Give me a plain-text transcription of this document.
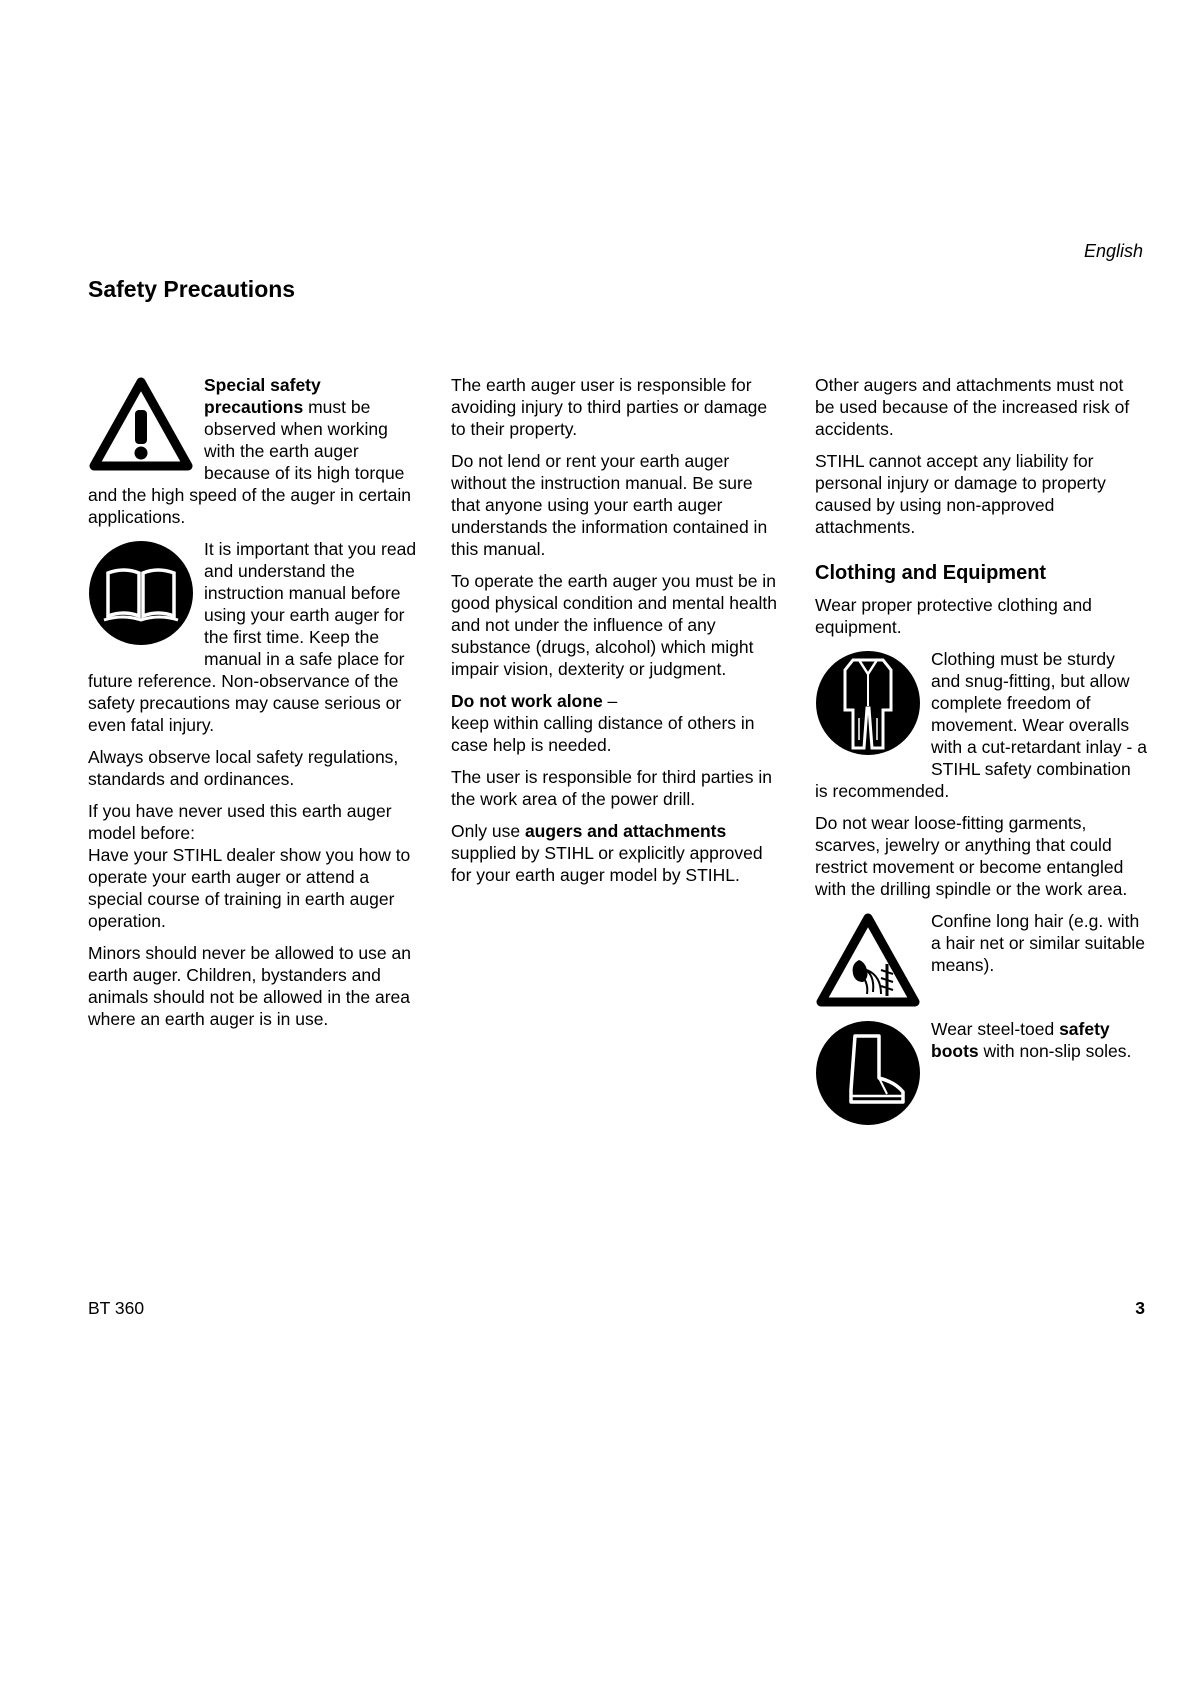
English
Safety Precautions

Special safety precautions must be observed when working with the earth auger because of its high torque and the high speed of the auger in certain applications.

It is important that you read and understand the instruction manual before using your earth auger for the first time. Keep the manual in a safe place for future reference. Non-observance of the safety precautions may cause serious or even fatal injury.

Always observe local safety regulations, standards and ordinances.

If you have never used this earth auger model before:
Have your STIHL dealer show you how to operate your earth auger or attend a special course of training in earth auger operation.

Minors should never be allowed to use an earth auger. Children, bystanders and animals should not be allowed in the area where an earth auger is in use.

The earth auger user is responsible for avoiding injury to third parties or damage to their property.

Do not lend or rent your earth auger without the instruction manual. Be sure that anyone using your earth auger understands the information contained in this manual.

To operate the earth auger you must be in good physical condition and mental health and not under the influence of any substance (drugs, alcohol) which might impair vision, dexterity or judgment.

Do not work alone –
keep within calling distance of others in case help is needed.

The user is responsible for third parties in the work area of the power drill.

Only use augers and attachments supplied by STIHL or explicitly approved for your earth auger model by STIHL.

Other augers and attachments must not be used because of the increased risk of accidents.

STIHL cannot accept any liability for personal injury or damage to property caused by using non-approved attachments.

Clothing and Equipment

Wear proper protective clothing and equipment.

Clothing must be sturdy and snug-fitting, but allow complete freedom of movement. Wear overalls with a cut-retardant inlay - a STIHL safety combination is recommended.

Do not wear loose-fitting garments, scarves, jewelry or anything that could restrict movement or become entangled with the drilling spindle or the work area.

Confine long hair (e.g. with a hair net or similar suitable means).

Wear steel-toed safety boots with non-slip soles.

BT 360	3
